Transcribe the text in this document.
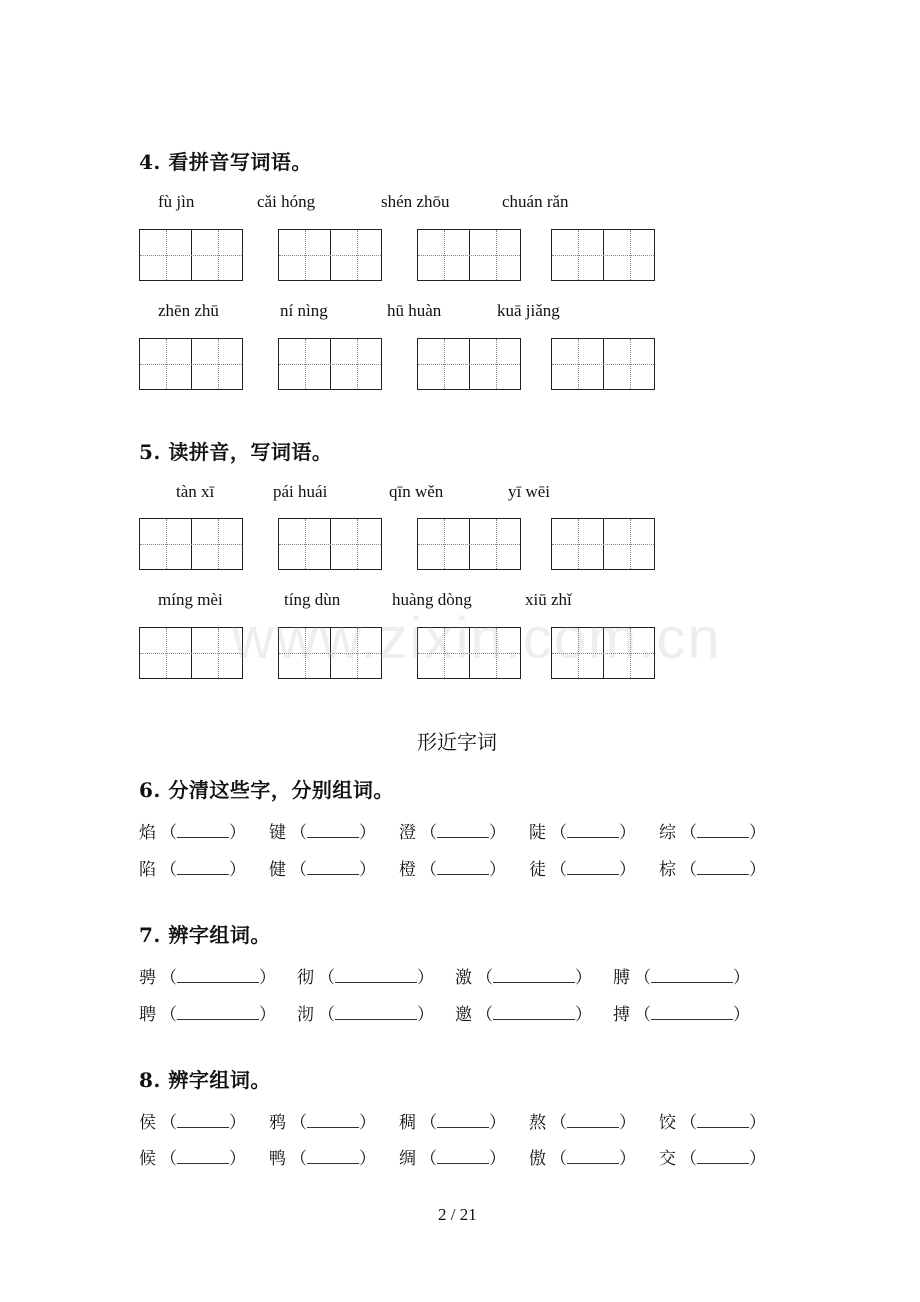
4. 看拼音写词语。
fù jìn	cǎi hóng	shén zhōu	chuán rǎn
zhēn zhū	ní nìng	hū huàn	kuā jiǎng
5. 读拼音，写词语。
tàn xī	pái huái	qīn wěn	yī wēi
míng mèi	tíng dùn	huàng dòng	xiū zhǐ
www.zixin.com.cn
形近字词
6. 分清这些字，分别组词。
焰 （	） 键 （	） 澄 （	） 陡 （	） 综 （	）
陷 （	） 健 （	） 橙 （	） 徒 （	） 棕 （	）
7. 辨字组词。
骋 （	） 彻 （	） 激 （	） 膊 （	）
聘 （	） 沏 （	） 邀 （	） 搏 （	）
8. 辨字组词。
侯 （	） 鸦 （	） 稠 （	） 熬 （	） 饺 （	）
候 （	） 鸭 （	） 绸 （	） 傲 （	） 交 （	）
2 / 21
